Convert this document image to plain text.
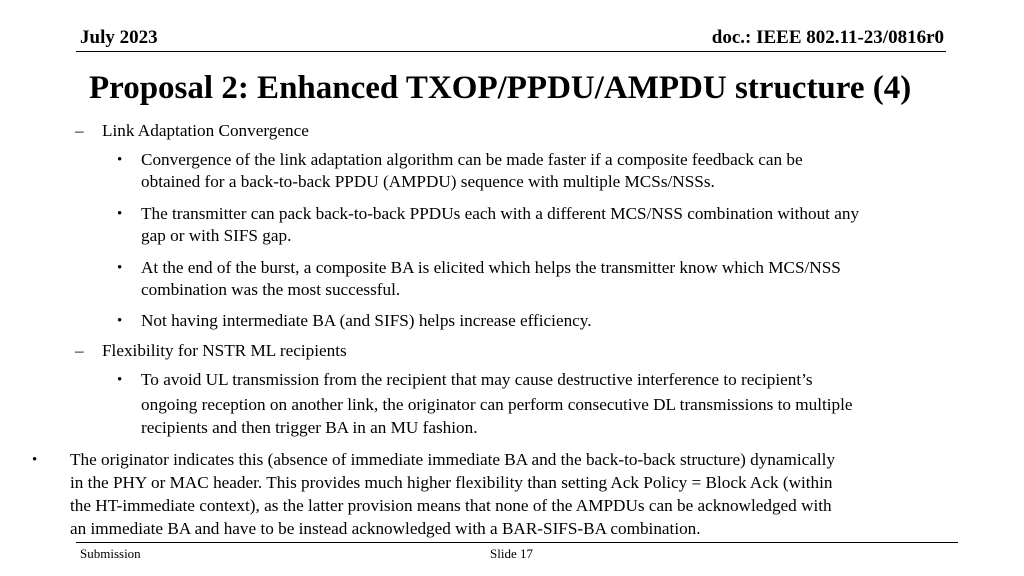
July 2023	doc.: IEEE 802.11-23/0816r0
Proposal 2: Enhanced TXOP/PPDU/AMPDU structure (4)
– Link Adaptation Convergence
• Convergence of the link adaptation algorithm can be made faster if a composite feedback can be
obtained for a back-to-back PPDU (AMPDU) sequence with multiple MCSs/NSSs.
• The transmitter can pack back-to-back PPDUs each with a different MCS/NSS combination without any
gap or with SIFS gap.
• At the end of the burst, a composite BA is elicited which helps the transmitter know which MCS/NSS
combination was the most successful.
• Not having intermediate BA (and SIFS) helps increase efficiency.
– Flexibility for NSTR ML recipients
• To avoid UL transmission from the recipient that may cause destructive interference to recipient’s
ongoing reception on another link, the originator can perform consecutive DL transmissions to multiple
recipients and then trigger BA in an MU fashion.
• The originator indicates this (absence of immediate immediate BA and the back-to-back structure) dynamically
in the PHY or MAC header. This provides much higher flexibility than setting Ack Policy = Block Ack (within
the HT-immediate context), as the latter provision means that none of the AMPDUs can be acknowledged with
an immediate BA and have to be instead acknowledged with a BAR-SIFS-BA combination.
Submission	Slide 17
